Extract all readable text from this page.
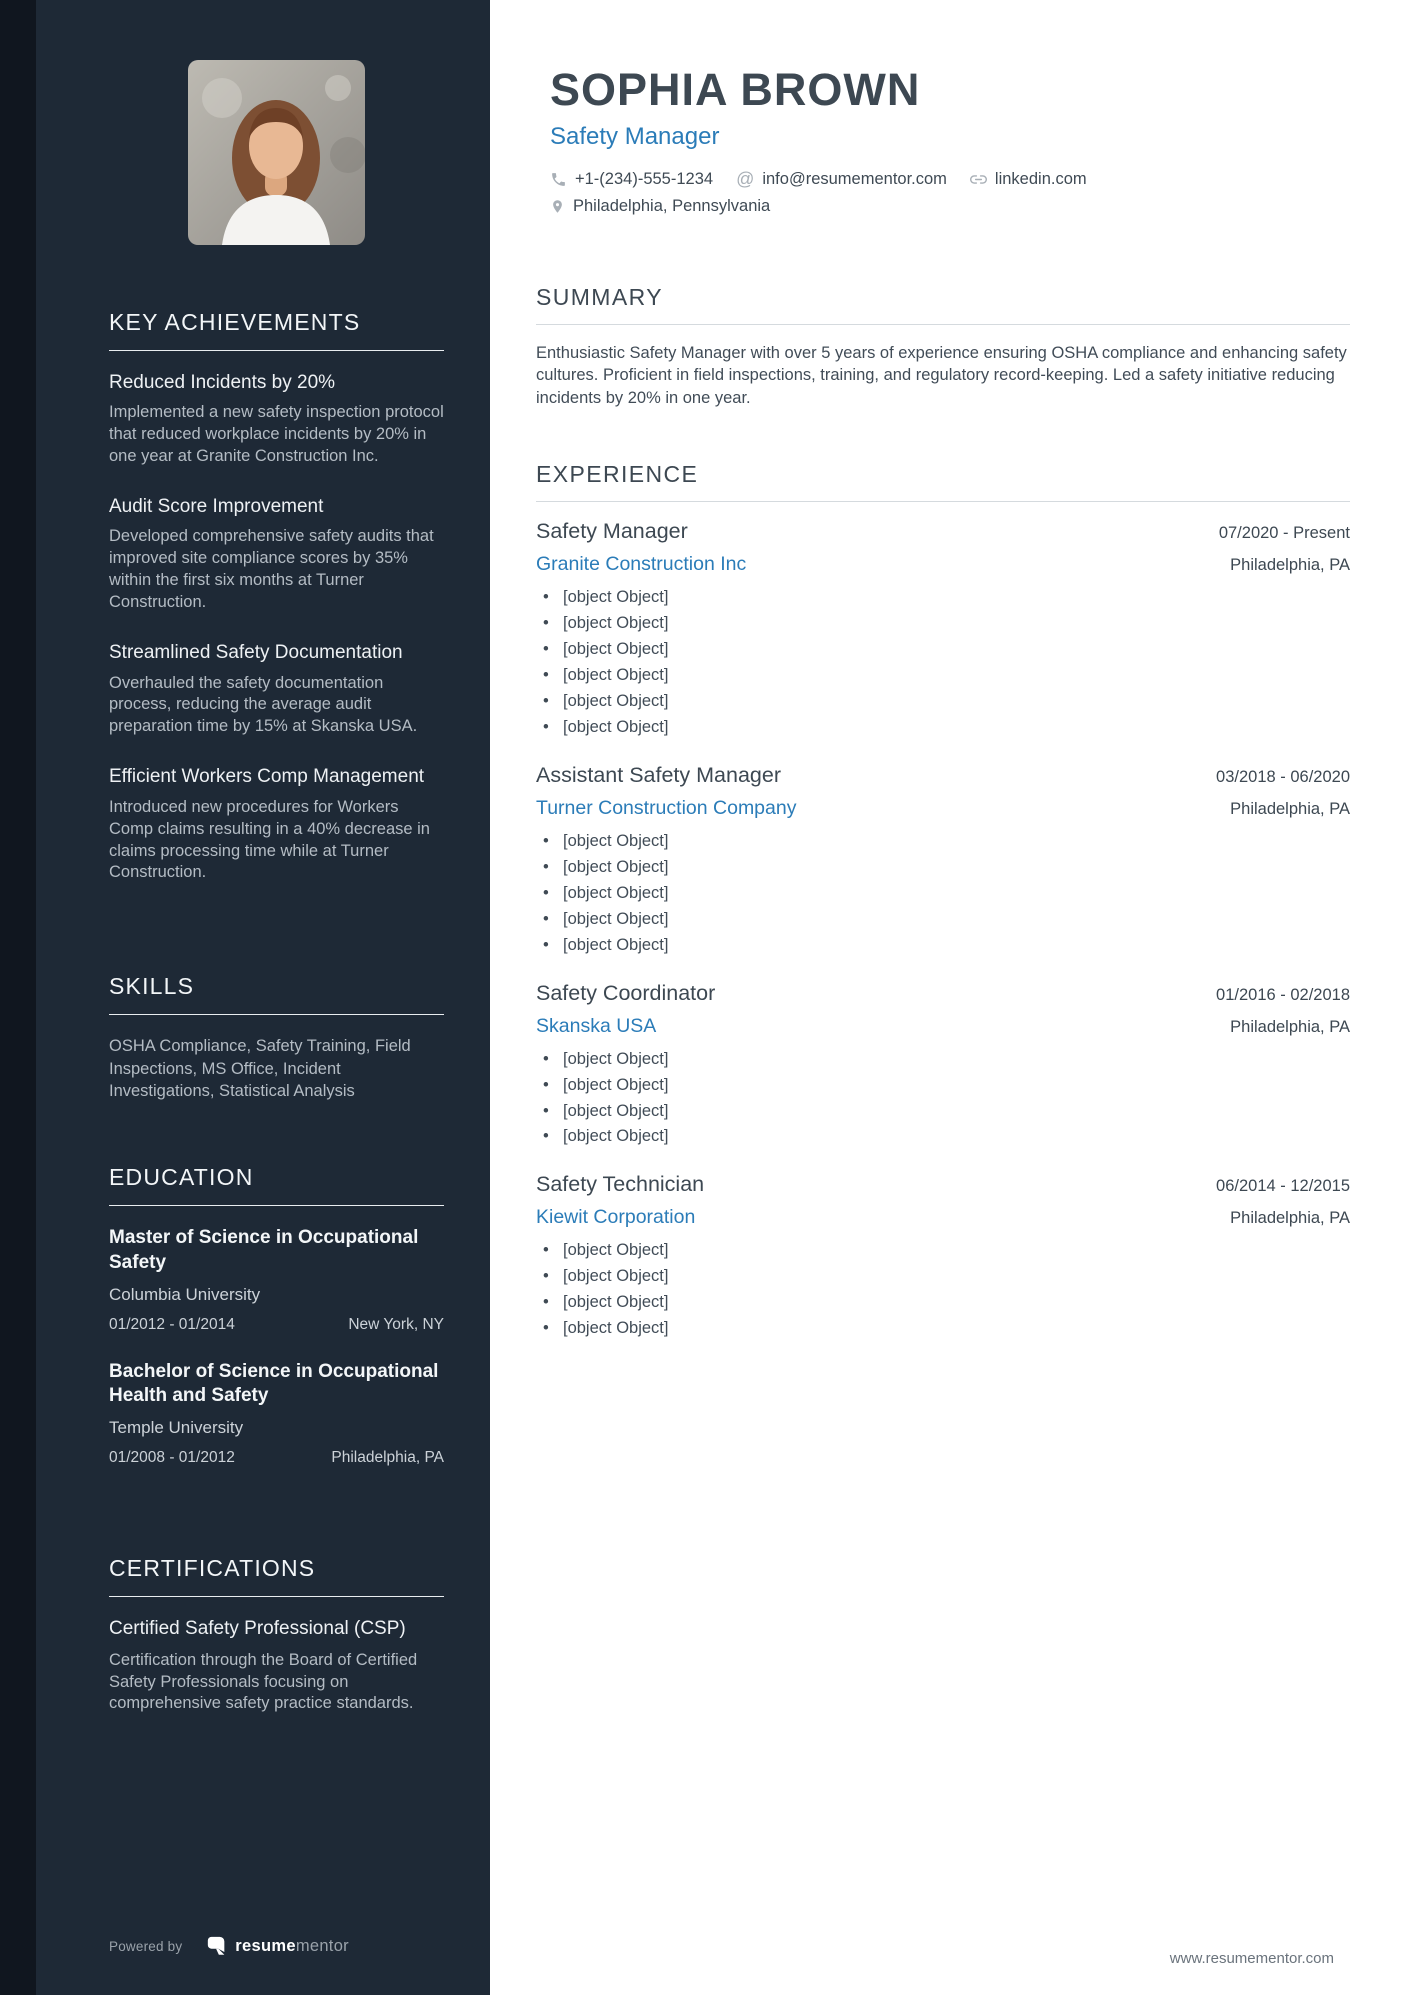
KEY ACHIEVEMENTS
Reduced Incidents by 20%

Implemented a new safety inspection protocol that reduced workplace incidents by 20% in one year at Granite Construction Inc.

Audit Score Improvement

Developed comprehensive safety audits that improved site compliance scores by 35% within the first six months at Turner Construction.

Streamlined Safety Documentation

Overhauled the safety documentation process, reducing the average audit preparation time by 15% at Skanska USA.

Efficient Workers Comp Management

Introduced new procedures for Workers Comp claims resulting in a 40% decrease in claims processing time while at Turner Construction.

SKILLS

OSHA Compliance, Safety Training, Field Inspections, MS Office, Incident Investigations, Statistical Analysis

EDUCATION
Master of Science in Occupational Safety
Columbia University
01/2012 - 01/2014	New York, NY
Bachelor of Science in Occupational Health and Safety
Temple University
01/2008 - 01/2012	Philadelphia, PA
CERTIFICATIONS
Certified Safety Professional (CSP)

Certification through the Board of Certified Safety Professionals focusing on comprehensive safety practice standards.

Powered by	resumementor
SOPHIA BROWN
Safety Manager
+1-(234)-555-1234 @ info@resumementor.com	linkedin.com
Philadelphia, Pennsylvania
SUMMARY

Enthusiastic Safety Manager with over 5 years of experience ensuring OSHA compliance and enhancing safety cultures. Proficient in field inspections, training, and regulatory record-keeping. Led a safety initiative reducing incidents by 20% in one year.

EXPERIENCE
Safety Manager	07/2020 - Present
Granite Construction Inc	Philadelphia, PA
• [object Object]
• [object Object]
• [object Object]
• [object Object]
• [object Object]
• [object Object]
Assistant Safety Manager	03/2018 - 06/2020
Turner Construction Company	Philadelphia, PA
• [object Object]
• [object Object]
• [object Object]
• [object Object]
• [object Object]
Safety Coordinator	01/2016 - 02/2018
Skanska USA	Philadelphia, PA
• [object Object]
• [object Object]
• [object Object]
• [object Object]
Safety Technician	06/2014 - 12/2015
Kiewit Corporation	Philadelphia, PA
• [object Object]
• [object Object]
• [object Object]
• [object Object]
www.resumementor.com
